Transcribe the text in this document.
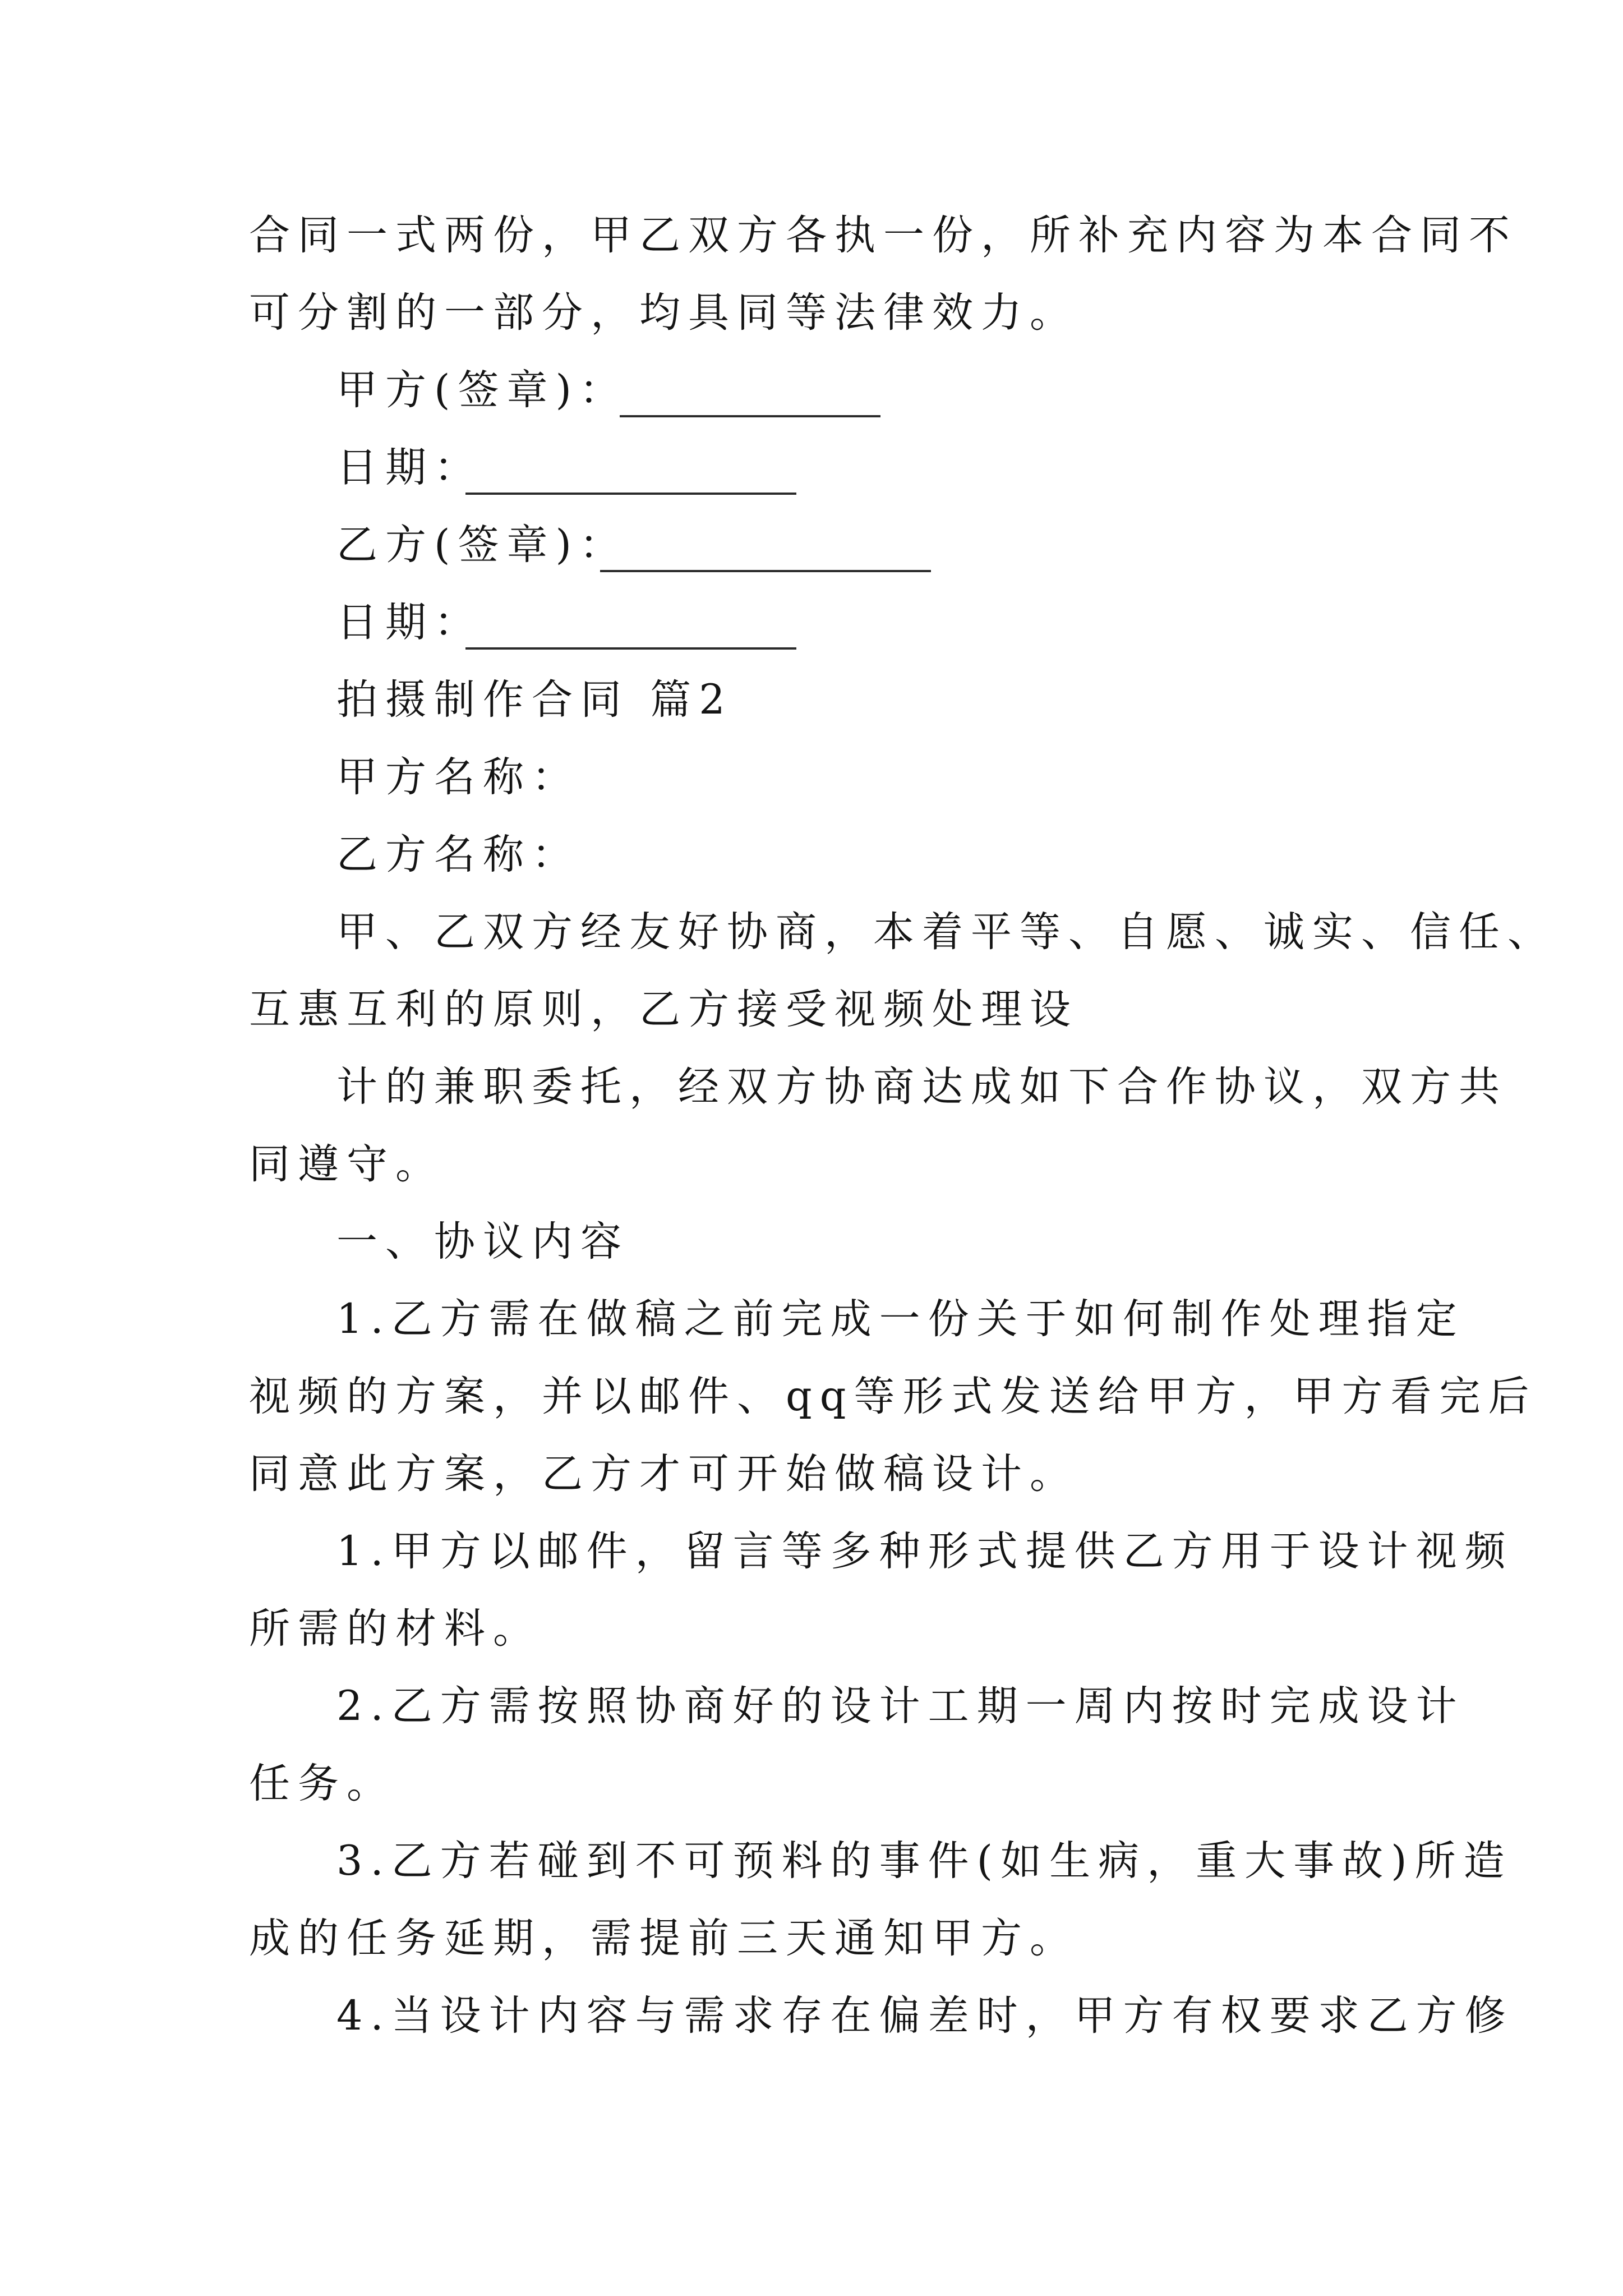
合同一式两份，甲乙双方各执一份，所补充内容为本合同不
可分割的一部分，均具同等法律效力。
甲方(签章)：
日期：
乙方(签章)：
日期：
拍摄制作合同 篇2
甲方名称：
乙方名称：
甲、乙双方经友好协商，本着平等、自愿、诚实、信任、
互惠互利的原则，乙方接受视频处理设
计的兼职委托，经双方协商达成如下合作协议，双方共
同遵守。
一、协议内容
1.乙方需在做稿之前完成一份关于如何制作处理指定
视频的方案，并以邮件、qq等形式发送给甲方，甲方看完后
同意此方案，乙方才可开始做稿设计。
1.甲方以邮件，留言等多种形式提供乙方用于设计视频
所需的材料。
2.乙方需按照协商好的设计工期一周内按时完成设计
任务。
3.乙方若碰到不可预料的事件(如生病，重大事故)所造
成的任务延期，需提前三天通知甲方。
4.当设计内容与需求存在偏差时，甲方有权要求乙方修
